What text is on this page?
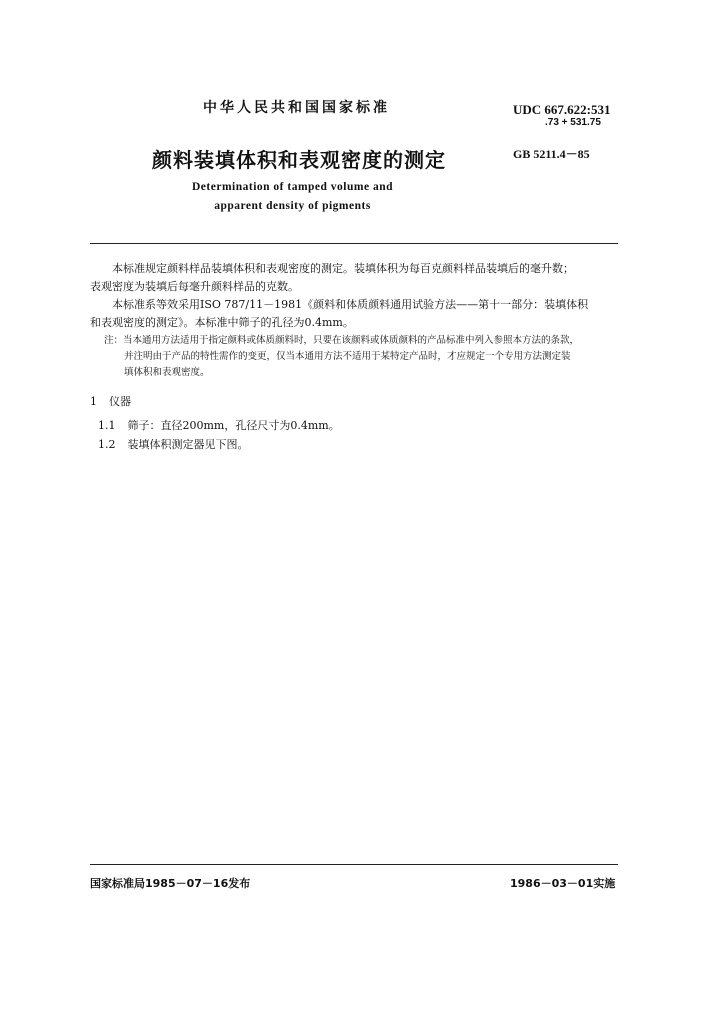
中华人民共和国国家标准	UDC 667.622:531
.73 + 531.75
颜料装填体积和表观密度的测定	GB 5211.4－85
Determination of tamped volume and
apparent density of pigments
本标准规定颜料样品装填体积和表观密度的测定。装填体积为每百克颜料样品装填后的毫升数；
表观密度为装填后每毫升颜料样品的克数。
本标准系等效采用ISO 787/11－1981《颜料和体质颜料通用试验方法——第十一部分：装填体积
和表观密度的测定》。本标准中筛子的孔径为0.4mm。
注：当本通用方法适用于指定颜料或体质颜料时，只要在该颜料或体质颜料的产品标准中列入参照本方法的条款，
并注明由于产品的特性需作的变更，仅当本通用方法不适用于某特定产品时，才应规定一个专用方法测定装
填体积和表观密度。
1 仪器
1.1 筛子：直径200mm，孔径尺寸为0.4mm。
1.2 装填体积测定器见下图。
国家标准局1985－07－16发布	1986－03－01实施
